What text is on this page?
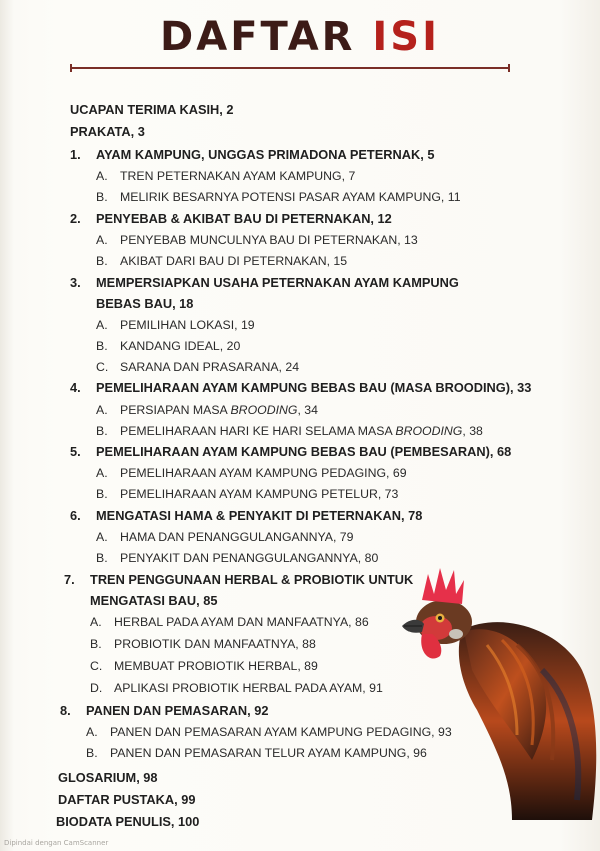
DAFTAR ISI
UCAPAN TERIMA KASIH, 2
PRAKATA, 3
1. AYAM KAMPUNG, UNGGAS PRIMADONA PETERNAK, 5
A. TREN PETERNAKAN AYAM KAMPUNG, 7
B. MELIRIK BESARNYA POTENSI PASAR AYAM KAMPUNG, 11
2. PENYEBAB & AKIBAT BAU DI PETERNAKAN, 12
A. PENYEBAB MUNCULNYA BAU DI PETERNAKAN, 13
B. AKIBAT DARI BAU DI PETERNAKAN, 15
3. MEMPERSIAPKAN USAHA PETERNAKAN AYAM KAMPUNG
BEBAS BAU, 18
A. PEMILIHAN LOKASI, 19
B. KANDANG IDEAL, 20
C. SARANA DAN PRASARANA, 24
4. PEMELIHARAAN AYAM KAMPUNG BEBAS BAU (MASA BROODING), 33
A. PERSIAPAN MASA BROODING, 34
B. PEMELIHARAAN HARI KE HARI SELAMA MASA BROODING, 38
5. PEMELIHARAAN AYAM KAMPUNG BEBAS BAU (PEMBESARAN), 68
A. PEMELIHARAAN AYAM KAMPUNG PEDAGING, 69
B. PEMELIHARAAN AYAM KAMPUNG PETELUR, 73
6. MENGATASI HAMA & PENYAKIT DI PETERNAKAN, 78
A. HAMA DAN PENANGGULANGANNYA, 79
B. PENYAKIT DAN PENANGGULANGANNYA, 80
7. TREN PENGGUNAAN HERBAL & PROBIOTIK UNTUK
MENGATASI BAU, 85
A. HERBAL PADA AYAM DAN MANFAATNYA, 86
B. PROBIOTIK DAN MANFAATNYA, 88
C. MEMBUAT PROBIOTIK HERBAL, 89
D. APLIKASI PROBIOTIK HERBAL PADA AYAM, 91
8. PANEN DAN PEMASARAN, 92
A. PANEN DAN PEMASARAN AYAM KAMPUNG PEDAGING, 93
B. PANEN DAN PEMASARAN TELUR AYAM KAMPUNG, 96
GLOSARIUM, 98
DAFTAR PUSTAKA, 99
BIODATA PENULIS, 100
Dipindai dengan CamScanner
